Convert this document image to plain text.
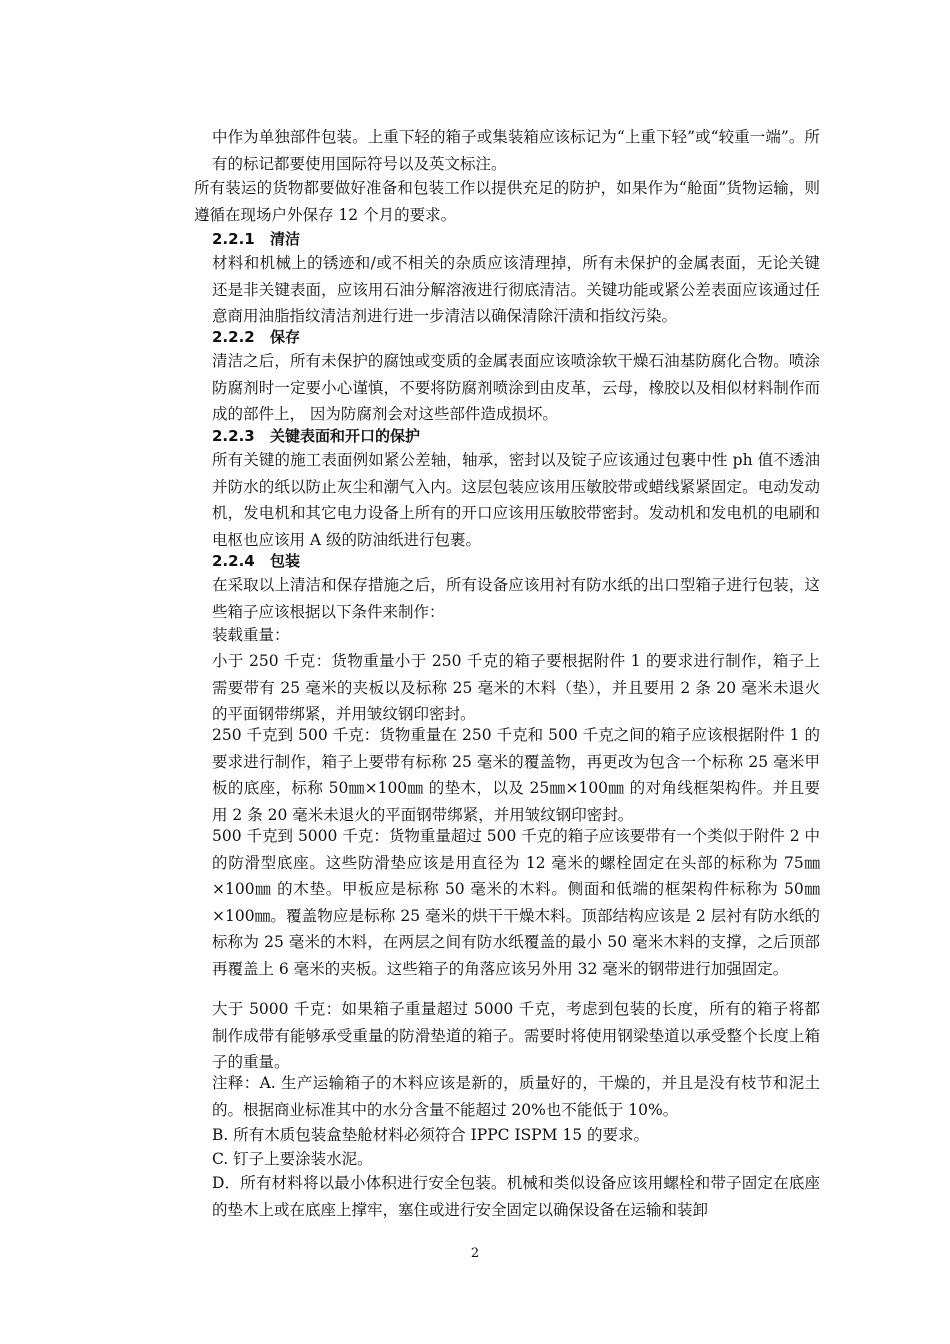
中作为单独部件包装。上重下轻的箱子或集装箱应该标记为“上重下轻”或“较重一端”。所有的标记都要使用国际符号以及英文标注。

所有装运的货物都要做好准备和包装工作以提供充足的防护，如果作为“舱面”货物运输，则遵循在现场户外保存 12 个月的要求。

2.2.1 清洁

材料和机械上的锈迹和/或不相关的杂质应该清理掉，所有未保护的金属表面，无论关键还是非关键表面，应该用石油分解溶液进行彻底清洁。关键功能或紧公差表面应该通过任意商用油脂指纹清洁剂进行进一步清洁以确保清除汗渍和指纹污染。

2.2.2 保存

清洁之后，所有未保护的腐蚀或变质的金属表面应该喷涂软干燥石油基防腐化合物。喷涂防腐剂时一定要小心谨慎，不要将防腐剂喷涂到由皮革，云母，橡胶以及相似材料制作而成的部件上， 因为防腐剂会对这些部件造成损坏。

2.2.3 关键表面和开口的保护

所有关键的施工表面例如紧公差轴，轴承，密封以及锭子应该通过包裹中性 ph 值不透油并防水的纸以防止灰尘和潮气入内。这层包装应该用压敏胶带或蜡线紧紧固定。电动发动机，发电机和其它电力设备上所有的开口应该用压敏胶带密封。发动机和发电机的电刷和电枢也应该用 A 级的防油纸进行包裹。

2.2.4 包装

在采取以上清洁和保存措施之后，所有设备应该用衬有防水纸的出口型箱子进行包装，这些箱子应该根据以下条件来制作：

装载重量：

小于 250 千克：货物重量小于 250 千克的箱子要根据附件 1 的要求进行制作，箱子上需要带有 25 毫米的夹板以及标称 25 毫米的木料（垫），并且要用 2 条 20 毫米未退火的平面钢带绑紧，并用皱纹钢印密封。

250 千克到 500 千克：货物重量在 250 千克和 500 千克之间的箱子应该根据附件 1 的要求进行制作，箱子上要带有标称 25 毫米的覆盖物，再更改为包含一个标称 25 毫米甲板的底座，标称 50㎜×100㎜ 的垫木，以及 25㎜×100㎜ 的对角线框架构件。并且要用 2 条 20 毫米未退火的平面钢带绑紧，并用皱纹钢印密封。

500 千克到 5000 千克：货物重量超过 500 千克的箱子应该要带有一个类似于附件 2 中的防滑型底座。这些防滑垫应该是用直径为 12 毫米的螺栓固定在头部的标称为 75㎜×100㎜ 的木垫。甲板应是标称 50 毫米的木料。侧面和低端的框架构件标称为 50㎜×100㎜。覆盖物应是标称 25 毫米的烘干干燥木料。顶部结构应该是 2 层衬有防水纸的标称为 25 毫米的木料，在两层之间有防水纸覆盖的最小 50 毫米木料的支撑，之后顶部再覆盖上 6 毫米的夹板。这些箱子的角落应该另外用 32 毫米的钢带进行加强固定。

大于 5000 千克：如果箱子重量超过 5000 千克，考虑到包装的长度，所有的箱子将都制作成带有能够承受重量的防滑垫道的箱子。需要时将使用钢梁垫道以承受整个长度上箱子的重量。

注释：A. 生产运输箱子的木料应该是新的，质量好的，干燥的，并且是没有枝节和泥土的。根据商业标准其中的水分含量不能超过 20%也不能低于 10%。

B. 所有木质包装盒垫舱材料必须符合 IPPC ISPM 15 的要求。

C. 钉子上要涂装水泥。

D．所有材料将以最小体积进行安全包装。机械和类似设备应该用螺栓和带子固定在底座的垫木上或在底座上撑牢，塞住或进行安全固定以确保设备在运输和装卸

2
